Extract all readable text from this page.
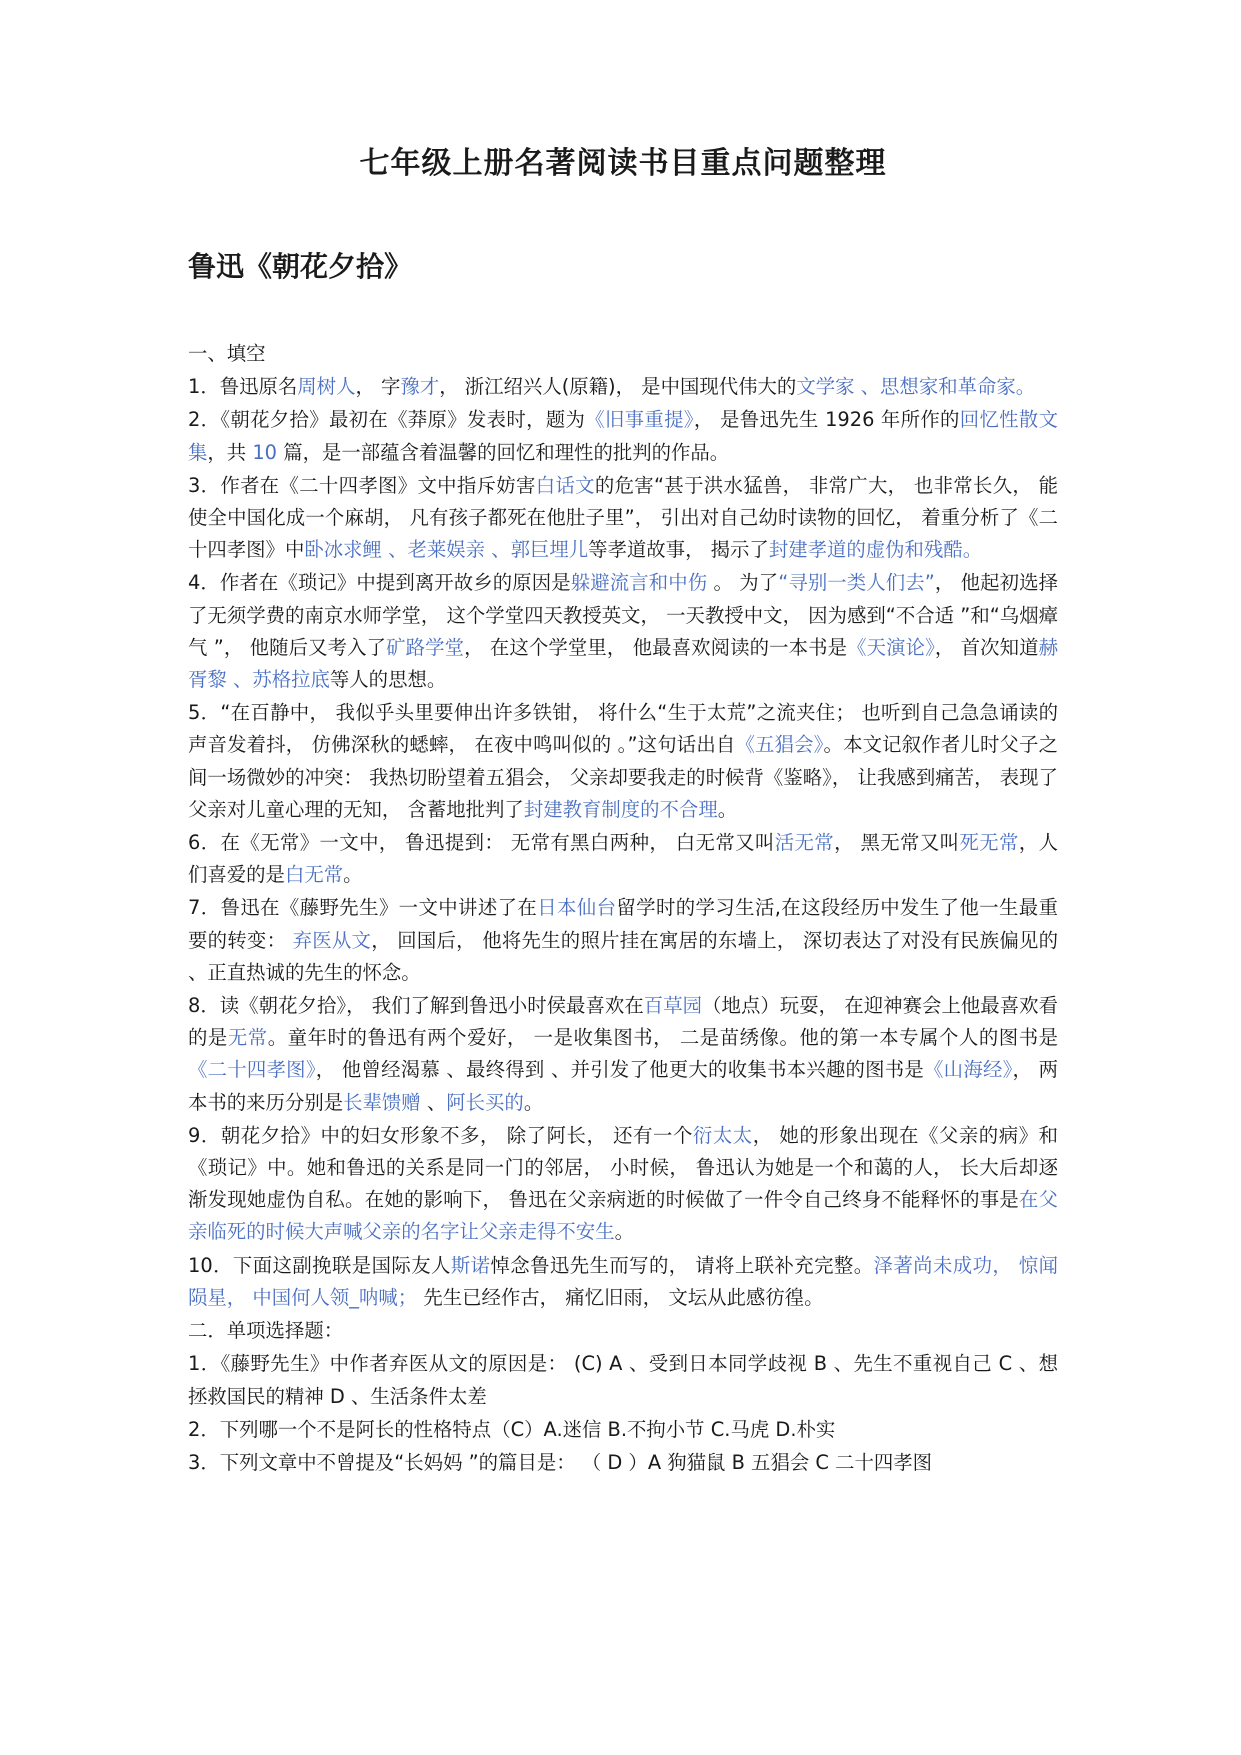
七年级上册名著阅读书目重点问题整理
鲁迅《朝花夕拾》

一、填空

1．鲁迅原名周树人， 字豫才， 浙江绍兴人(原籍)， 是中国现代伟大的文学家 、思想家和革命家。

2．《朝花夕拾》最初在《莽原》发表时，题为《旧事重提》， 是鲁迅先生 1926 年所作的回忆性散文集，共 10 篇，是一部蕴含着温馨的回忆和理性的批判的作品。

3．作者在《二十四孝图》文中指斥妨害白话文的危害“甚于洪水猛兽， 非常广大， 也非常长久， 能使全中国化成一个麻胡， 凡有孩子都死在他肚子里”， 引出对自己幼时读物的回忆， 着重分析了《二十四孝图》中卧冰求鲤 、老莱娱亲 、郭巨埋儿等孝道故事， 揭示了封建孝道的虚伪和残酷。

4．作者在《琐记》中提到离开故乡的原因是躲避流言和中伤 。 为了“寻别一类人们去”， 他起初选择了无须学费的南京水师学堂， 这个学堂四天教授英文， 一天教授中文， 因为感到“不合适 ”和“乌烟瘴气 ”， 他随后又考入了矿路学堂， 在这个学堂里， 他最喜欢阅读的一本书是《天演论》， 首次知道赫胥黎 、苏格拉底等人的思想。

5．“在百静中， 我似乎头里要伸出许多铁钳， 将什么“生于太荒”之流夹住； 也听到自己急急诵读的声音发着抖， 仿佛深秋的蟋蟀， 在夜中鸣叫似的 。”这句话出自《五猖会》。本文记叙作者儿时父子之间一场微妙的冲突： 我热切盼望着五猖会， 父亲却要我走的时候背《鉴略》， 让我感到痛苦， 表现了父亲对儿童心理的无知， 含蓄地批判了封建教育制度的不合理。

6．在《无常》一文中， 鲁迅提到： 无常有黑白两种， 白无常又叫活无常， 黑无常又叫死无常，人们喜爱的是白无常。

7．鲁迅在《藤野先生》一文中讲述了在日本仙台留学时的学习生活,在这段经历中发生了他一生最重要的转变： 弃医从文， 回国后， 他将先生的照片挂在寓居的东墙上， 深切表达了对没有民族偏见的 、正直热诚的先生的怀念。

8．读《朝花夕拾》， 我们了解到鲁迅小时侯最喜欢在百草园（地点）玩耍， 在迎神赛会上他最喜欢看的是无常。童年时的鲁迅有两个爱好， 一是收集图书， 二是苗绣像。他的第一本专属个人的图书是《二十四孝图》， 他曾经渴慕 、最终得到 、并引发了他更大的收集书本兴趣的图书是《山海经》， 两本书的来历分别是长辈馈赠 、阿长买的。

9．朝花夕拾》中的妇女形象不多， 除了阿长， 还有一个衍太太， 她的形象出现在《父亲的病》和《琐记》中。她和鲁迅的关系是同一门的邻居， 小时候， 鲁迅认为她是一个和蔼的人， 长大后却逐渐发现她虚伪自私。在她的影响下， 鲁迅在父亲病逝的时候做了一件令自己终身不能释怀的事是在父亲临死的时候大声喊父亲的名字让父亲走得不安生。

10．下面这副挽联是国际友人斯诺悼念鲁迅先生而写的， 请将上联补充完整。泽著尚未成功， 惊闻陨星， 中国何人领_呐喊； 先生已经作古， 痛忆旧雨， 文坛从此感彷徨。

二．单项选择题：

1．《藤野先生》中作者弃医从文的原因是： (C) A 、受到日本同学歧视 B 、先生不重视自己 C 、想拯救国民的精神 D 、生活条件太差

2．下列哪一个不是阿长的性格特点（C）A.迷信 B.不拘小节 C.马虎 D.朴实

3．下列文章中不曾提及“长妈妈 ”的篇目是： （ D ）A 狗猫鼠 B 五猖会 C 二十四孝图
